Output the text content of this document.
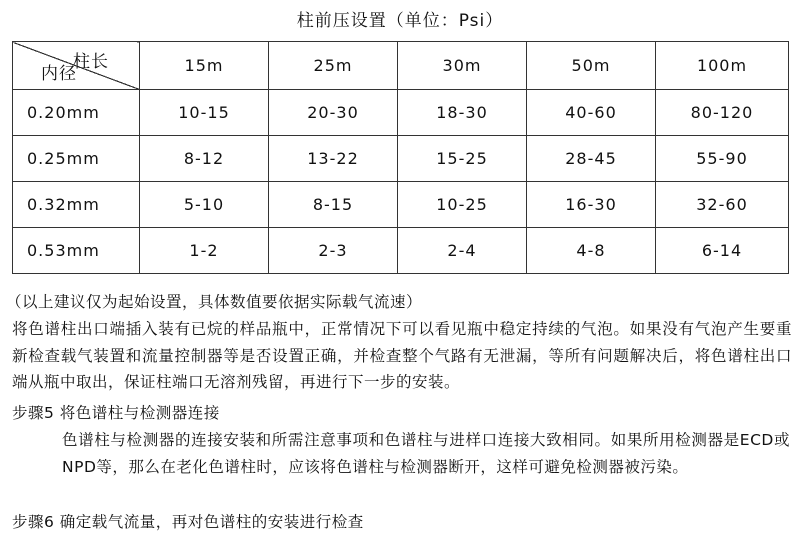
柱前压设置（单位：Psi）
柱长
内径	15m	25m	30m	50m	100m
0.20mm	10-15	20-30	18-30	40-60	80-120
0.25mm	8-12	13-22	15-25	28-45	55-90
0.32mm	5-10	8-15	10-25	16-30	32-60
0.53mm	1-2	2-3	2-4	4-8	6-14
（以上建议仅为起始设置，具体数值要依据实际载气流速）
将色谱柱出口端插入装有已烷的样品瓶中，正常情况下可以看见瓶中稳定持续的气泡。如果没有气泡产生要重新检查载气装置和流量控制器等是否设置正确，并检查整个气路有无泄漏，等所有问题解决后，将色谱柱出口端从瓶中取出，保证柱端口无溶剂残留，再进行下一步的安装。
步骤5 将色谱柱与检测器连接
色谱柱与检测器的连接安装和所需注意事项和色谱柱与进样口连接大致相同。如果所用检测器是ECD或NPD等，那么在老化色谱柱时，应该将色谱柱与检测器断开，这样可避免检测器被污染。
步骤6 确定载气流量，再对色谱柱的安装进行检查
